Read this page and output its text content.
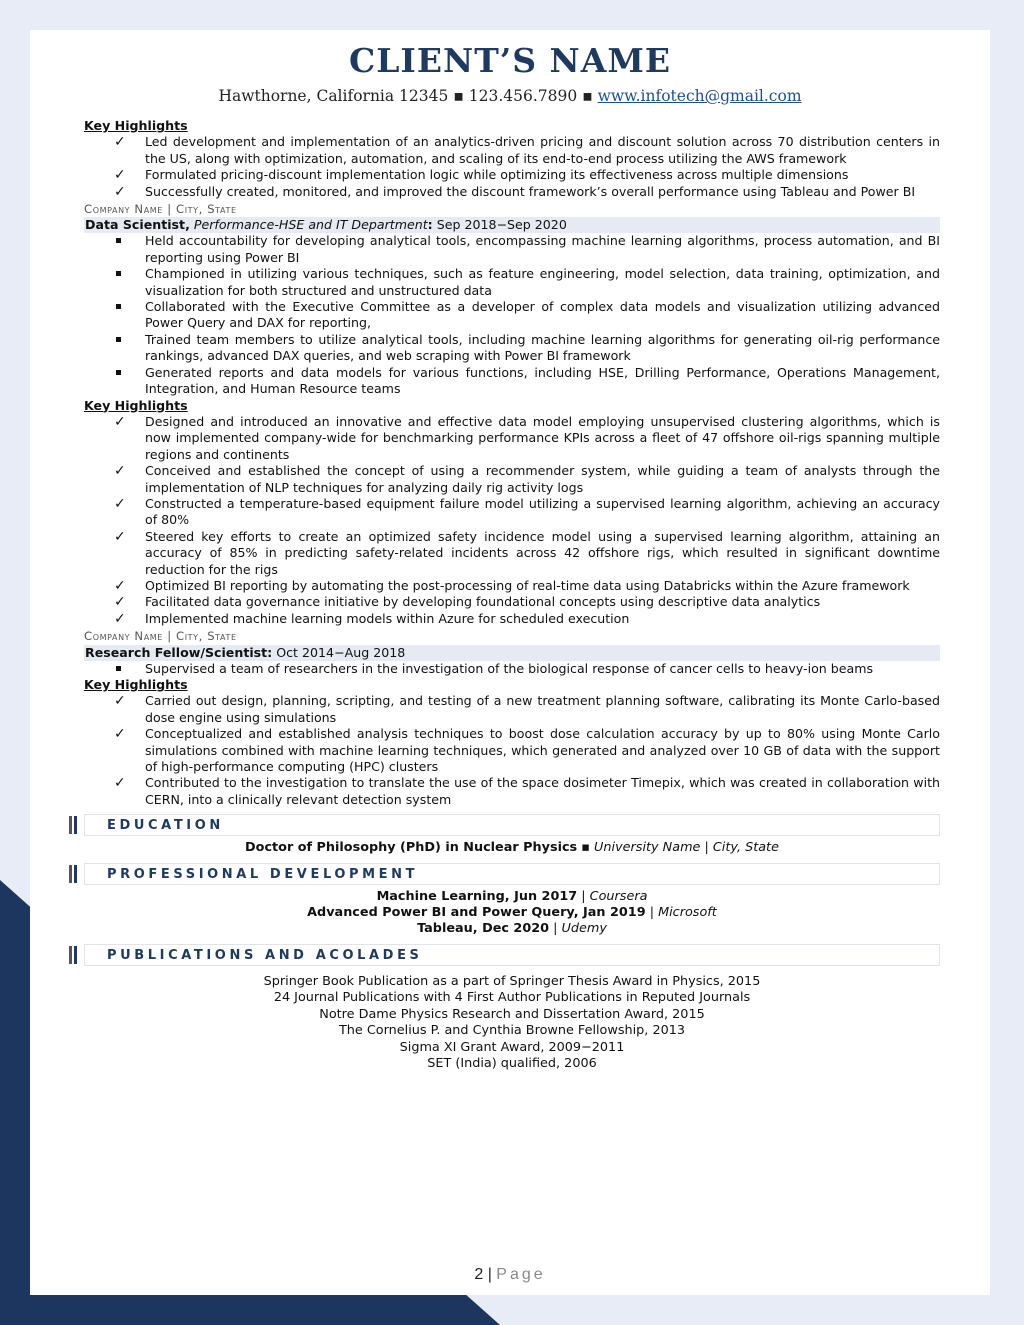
CLIENT’S NAME
Hawthorne, California 12345 ▪ 123.456.7890 ▪ www.infotech@gmail.com
Key Highlights
✓ Led development and implementation of an analytics-driven pricing and discount solution across 70 distribution centers in the US, along with optimization, automation, and scaling of its end-to-end process utilizing the AWS framework
✓ Formulated pricing-discount implementation logic while optimizing its effectiveness across multiple dimensions
✓ Successfully created, monitored, and improved the discount framework’s overall performance using Tableau and Power BI
Company Name | City, State
Data Scientist, Performance-HSE and IT Department: Sep 2018−Sep 2020
Held accountability for developing analytical tools, encompassing machine learning algorithms, process automation, and BI reporting using Power BI
Championed in utilizing various techniques, such as feature engineering, model selection, data training, optimization, and visualization for both structured and unstructured data
Collaborated with the Executive Committee as a developer of complex data models and visualization utilizing advanced Power Query and DAX for reporting,
Trained team members to utilize analytical tools, including machine learning algorithms for generating oil-rig performance rankings, advanced DAX queries, and web scraping with Power BI framework
Generated reports and data models for various functions, including HSE, Drilling Performance, Operations Management, Integration, and Human Resource teams
Key Highlights
✓ Designed and introduced an innovative and effective data model employing unsupervised clustering algorithms, which is now implemented company-wide for benchmarking performance KPIs across a fleet of 47 offshore oil-rigs spanning multiple regions and continents
✓ Conceived and established the concept of using a recommender system, while guiding a team of analysts through the implementation of NLP techniques for analyzing daily rig activity logs
✓ Constructed a temperature-based equipment failure model utilizing a supervised learning algorithm, achieving an accuracy of 80%
✓ Steered key efforts to create an optimized safety incidence model using a supervised learning algorithm, attaining an accuracy of 85% in predicting safety-related incidents across 42 offshore rigs, which resulted in significant downtime reduction for the rigs
✓ Optimized BI reporting by automating the post-processing of real-time data using Databricks within the Azure framework
✓ Facilitated data governance initiative by developing foundational concepts using descriptive data analytics
✓ Implemented machine learning models within Azure for scheduled execution
Company Name | City, State
Research Fellow/Scientist: Oct 2014−Aug 2018
Supervised a team of researchers in the investigation of the biological response of cancer cells to heavy-ion beams
Key Highlights
✓ Carried out design, planning, scripting, and testing of a new treatment planning software, calibrating its Monte Carlo-based dose engine using simulations
✓ Conceptualized and established analysis techniques to boost dose calculation accuracy by up to 80% using Monte Carlo simulations combined with machine learning techniques, which generated and analyzed over 10 GB of data with the support of high-performance computing (HPC) clusters
✓ Contributed to the investigation to translate the use of the space dosimeter Timepix, which was created in collaboration with CERN, into a clinically relevant detection system
EDUCATION
Doctor of Philosophy (PhD) in Nuclear Physics ▪ University Name | City, State
PROFESSIONAL DEVELOPMENT
Machine Learning, Jun 2017 | Coursera
Advanced Power BI and Power Query, Jan 2019 | Microsoft
Tableau, Dec 2020 | Udemy
PUBLICATIONS AND ACOLADES
Springer Book Publication as a part of Springer Thesis Award in Physics, 2015
24 Journal Publications with 4 First Author Publications in Reputed Journals
Notre Dame Physics Research and Dissertation Award, 2015
The Cornelius P. and Cynthia Browne Fellowship, 2013
Sigma XI Grant Award, 2009−2011
SET (India) qualified, 2006
2 | Page
